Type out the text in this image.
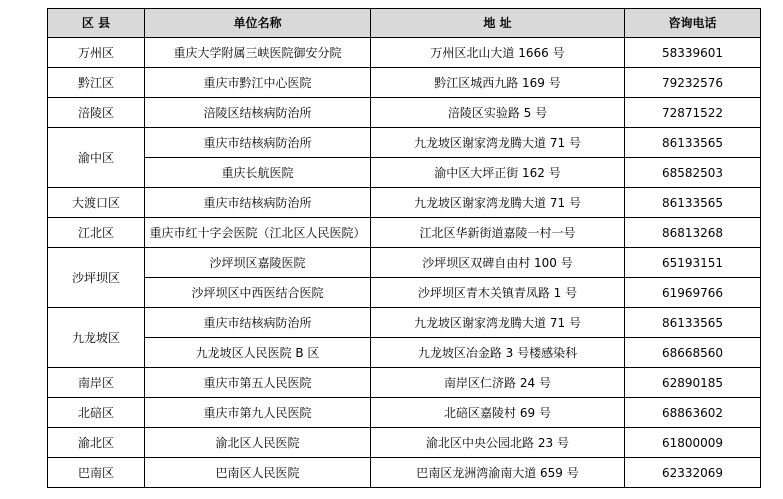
区 县	单位名称	地 址	咨询电话
万州区	重庆大学附属三峡医院御安分院	万州区北山大道 1666 号	58339601
黔江区	重庆市黔江中心医院	黔江区城西九路 169 号	79232576
涪陵区	涪陵区结核病防治所	涪陵区实验路 5 号	72871522
渝中区	重庆市结核病防治所	九龙坡区谢家湾龙腾大道 71 号	86133565
	重庆长航医院	渝中区大坪正街 162 号	68582503
大渡口区	重庆市结核病防治所	九龙坡区谢家湾龙腾大道 71 号	86133565
江北区	重庆市红十字会医院（江北区人民医院）	江北区华新街道嘉陵一村一号	86813268
沙坪坝区	沙坪坝区嘉陵医院	沙坪坝区双碑自由村 100 号	65193151
	沙坪坝区中西医结合医院	沙坪坝区青木关镇青凤路 1 号	61969766
九龙坡区	重庆市结核病防治所	九龙坡区谢家湾龙腾大道 71 号	86133565
	九龙坡区人民医院 B 区	九龙坡区冶金路 3 号楼感染科	68668560
南岸区	重庆市第五人民医院	南岸区仁济路 24 号	62890185
北碚区	重庆市第九人民医院	北碚区嘉陵村 69 号	68863602
渝北区	渝北区人民医院	渝北区中央公园北路 23 号	61800009
巴南区	巴南区人民医院	巴南区龙洲湾渝南大道 659 号	62332069
